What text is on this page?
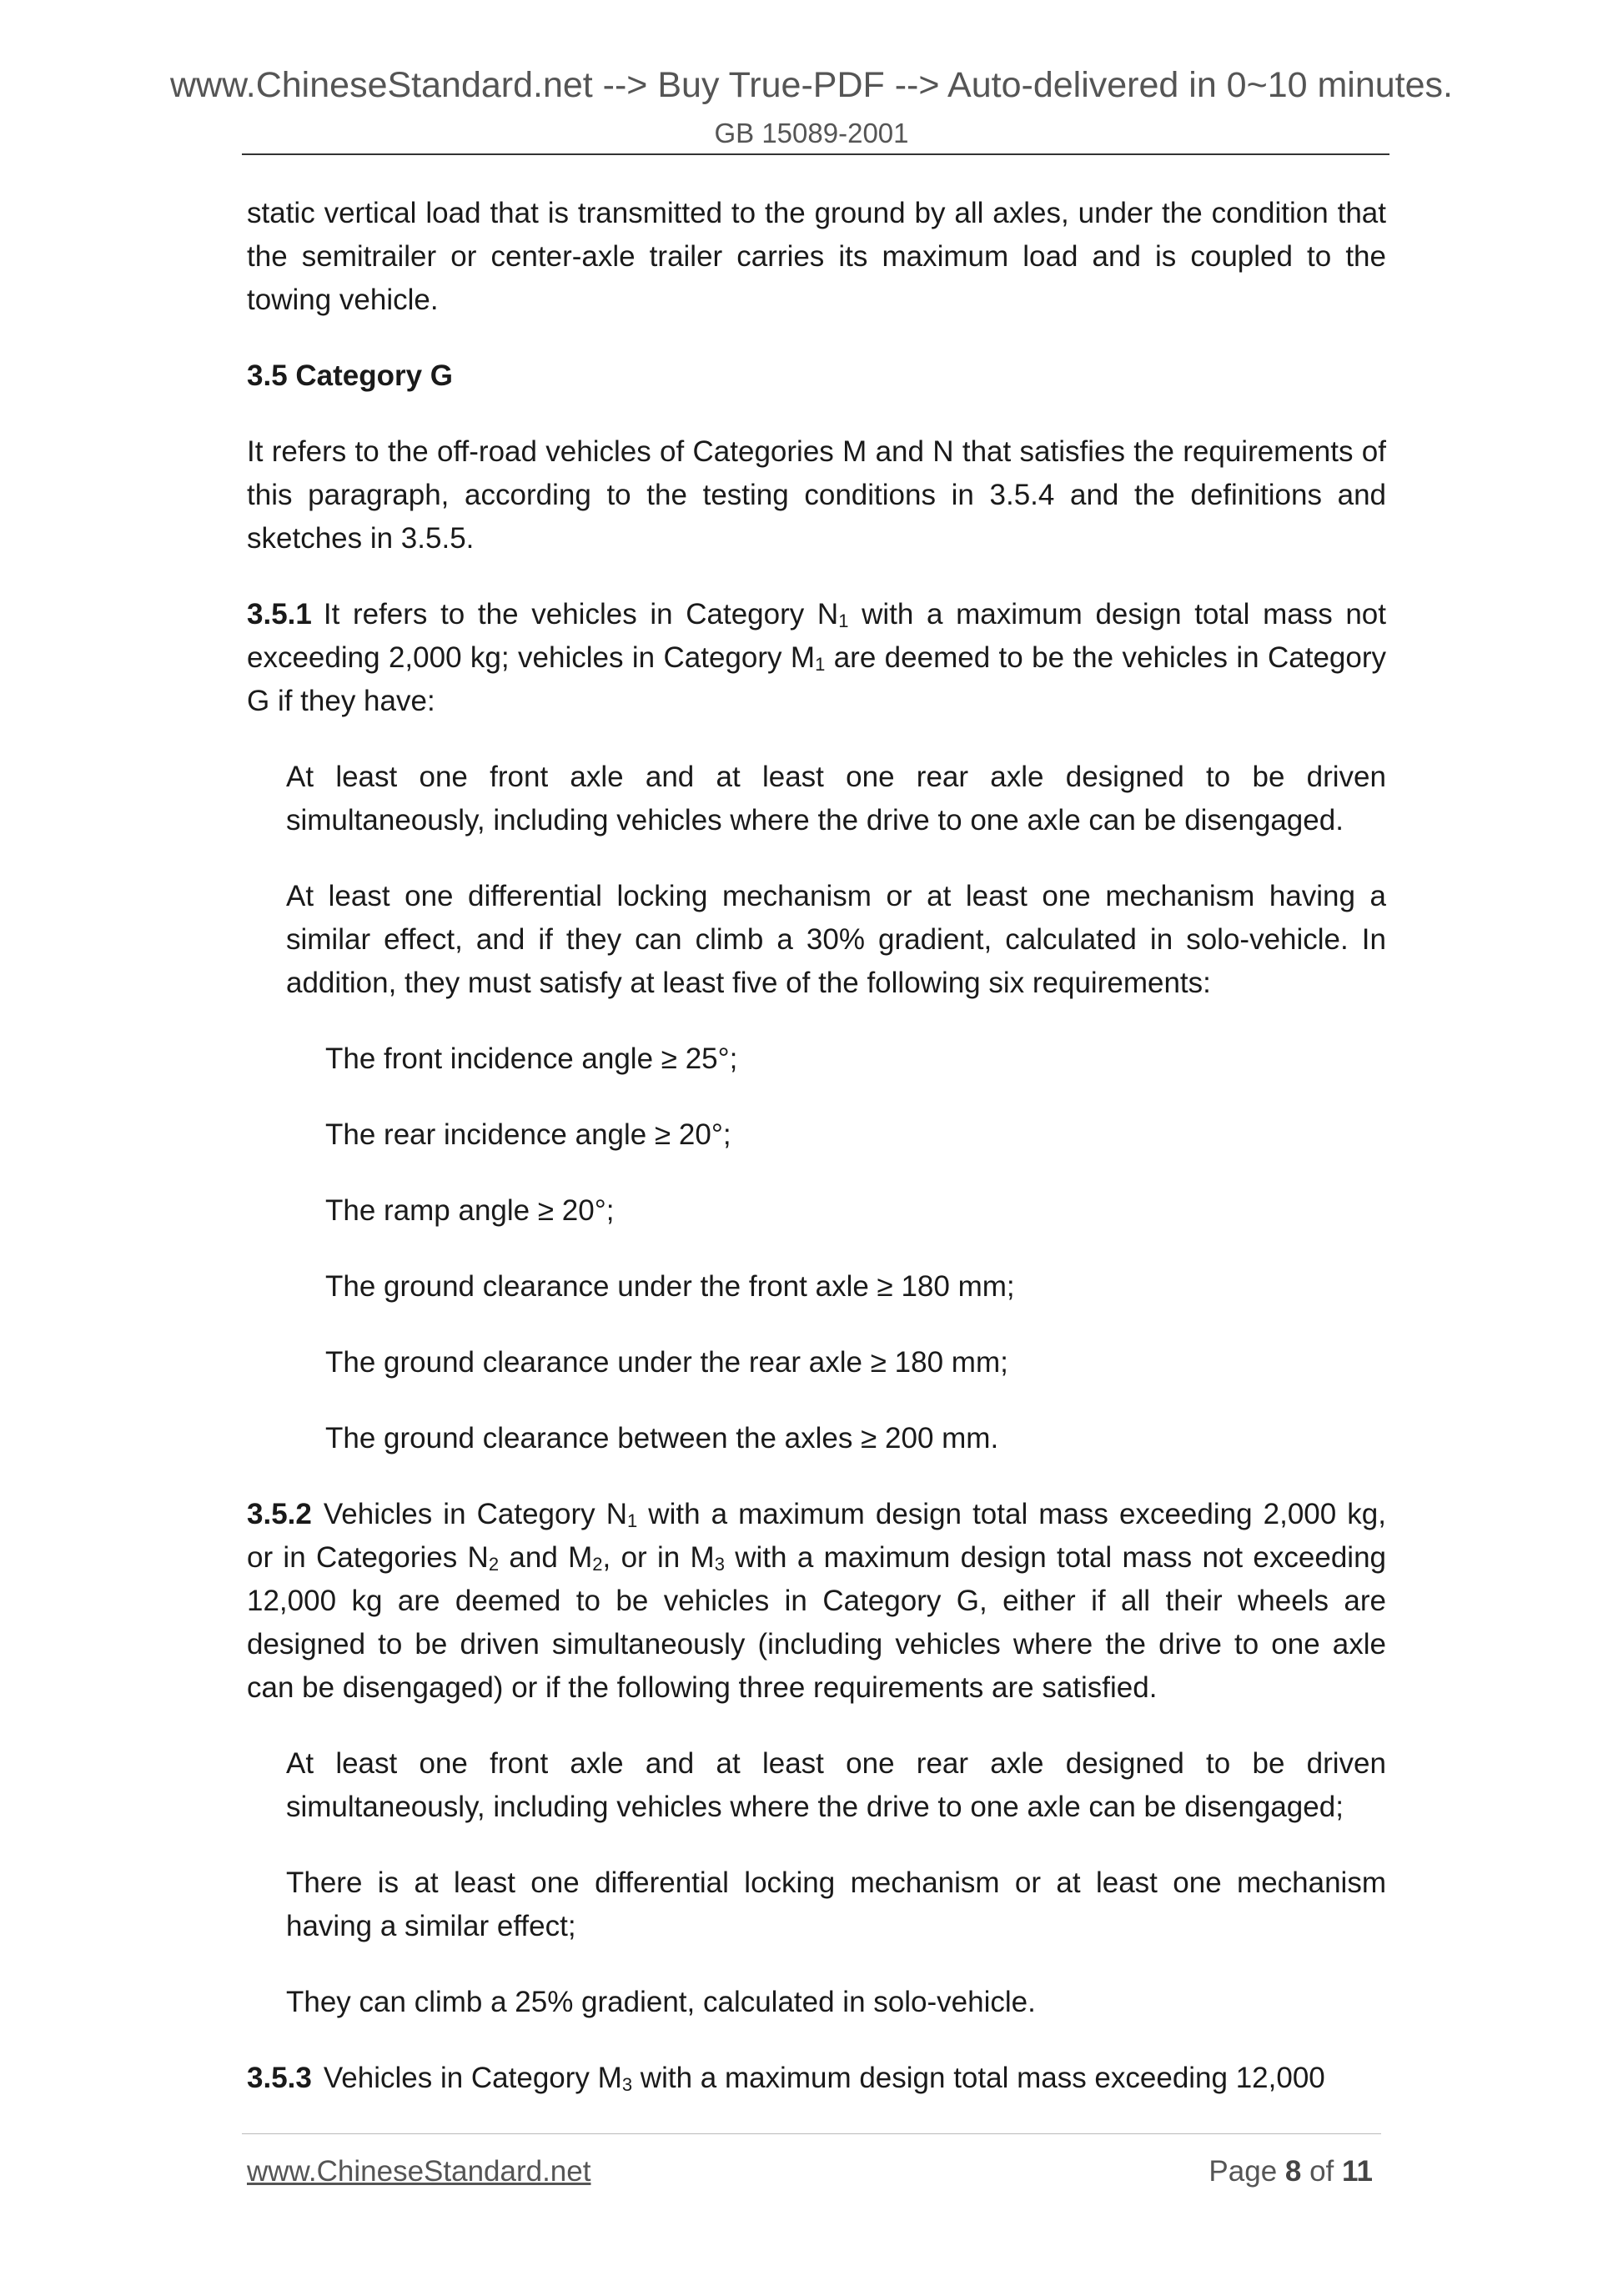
www.ChineseStandard.net --> Buy True-PDF --> Auto-delivered in 0~10 minutes.
GB 15089-2001

static vertical load that is transmitted to the ground by all axles, under the condition that the semitrailer or center-axle trailer carries its maximum load and is coupled to the towing vehicle.

3.5 Category G

It refers to the off-road vehicles of Categories M and N that satisfies the requirements of this paragraph, according to the testing conditions in 3.5.4 and the definitions and sketches in 3.5.5.

3.5.1 It refers to the vehicles in Category $N_1$ with a maximum design total mass not exceeding 2,000 kg; vehicles in Category $M_1$ are deemed to be the vehicles in Category G if they have:

At least one front axle and at least one rear axle designed to be driven simultaneously, including vehicles where the drive to one axle can be disengaged.

At least one differential locking mechanism or at least one mechanism having a similar effect, and if they can climb a 30% gradient, calculated in solo-vehicle. In addition, they must satisfy at least five of the following six requirements:

The front incidence angle ≥ 25°;

The rear incidence angle ≥ 20°;

The ramp angle ≥ 20°;

The ground clearance under the front axle ≥ 180 mm;

The ground clearance under the rear axle ≥ 180 mm;

The ground clearance between the axles ≥ 200 mm.

3.5.2 Vehicles in Category $N_1$ with a maximum design total mass exceeding 2,000 kg, or in Categories $N_2$ and $M_2$, or in $M_3$ with a maximum design total mass not exceeding 12,000 kg are deemed to be vehicles in Category G, either if all their wheels are designed to be driven simultaneously (including vehicles where the drive to one axle can be disengaged) or if the following three requirements are satisfied.

At least one front axle and at least one rear axle designed to be driven simultaneously, including vehicles where the drive to one axle can be disengaged;

There is at least one differential locking mechanism or at least one mechanism having a similar effect;

They can climb a 25% gradient, calculated in solo-vehicle.

3.5.3 Vehicles in Category $M_3$ with a maximum design total mass exceeding 12,000

www.ChineseStandard.net	Page 8 of 11
